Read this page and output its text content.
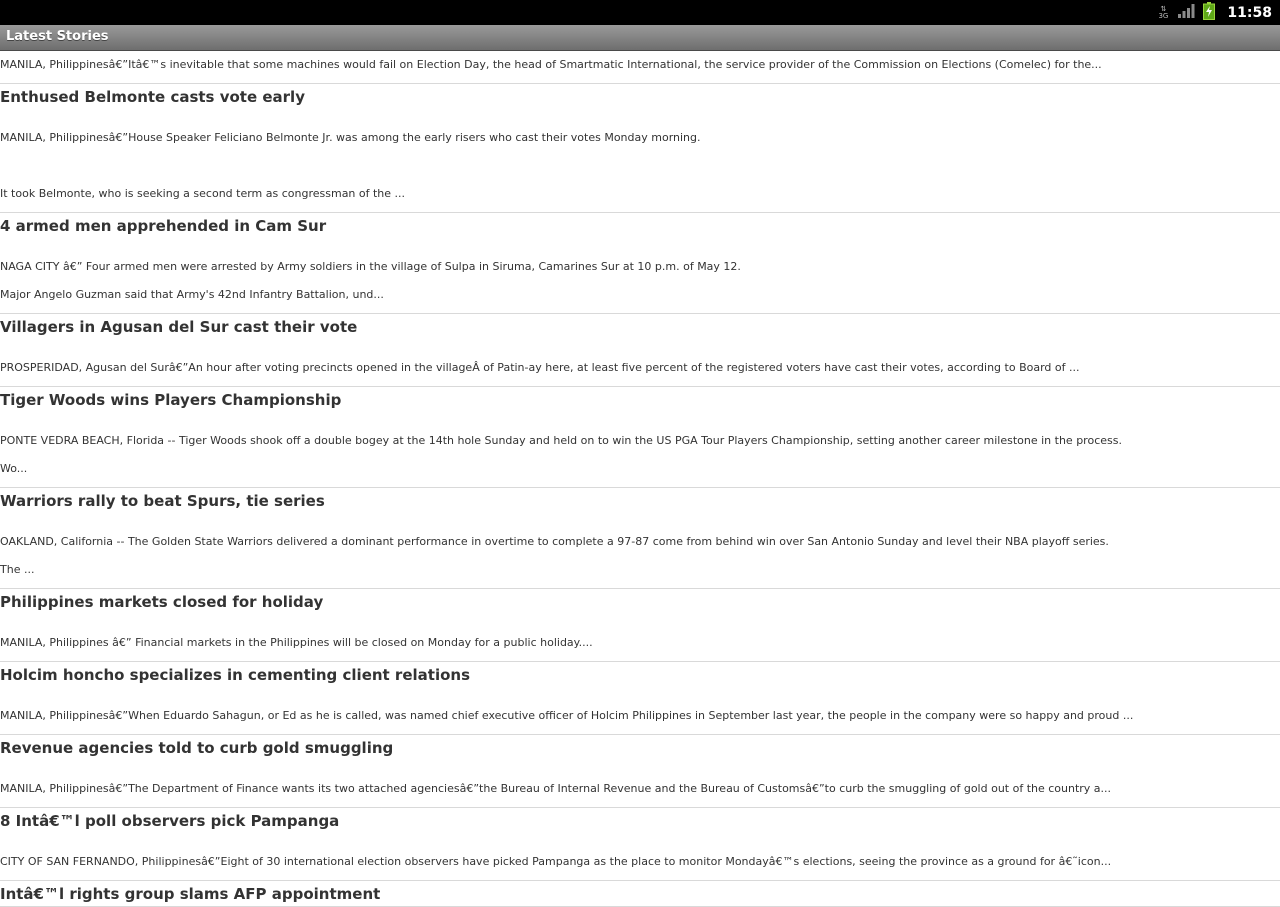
⇅
3G	11:58
Latest Stories
MANILA, Philippinesâ€”Itâ€™s inevitable that some machines would fail on Election Day, the head of Smartmatic International, the service provider of the Commission on Elections (Comelec) for the...
Enthused Belmonte casts vote early
MANILA, Philippinesâ€”House Speaker Feliciano Belmonte Jr. was among the early risers who cast their votes Monday morning.

It took Belmonte, who is seeking a second term as congressman of the ...
4 armed men apprehended in Cam Sur
NAGA CITY â€” Four armed men were arrested by Army soldiers in the village of Sulpa in Siruma, Camarines Sur at 10 p.m. of May 12.
Major Angelo Guzman said that Army's 42nd Infantry Battalion, und...
Villagers in Agusan del Sur cast their vote
PROSPERIDAD, Agusan del Surâ€”An hour after voting precincts opened in the villageÂ of Patin-ay here, at least five percent of the registered voters have cast their votes, according to Board of ...
Tiger Woods wins Players Championship
PONTE VEDRA BEACH, Florida -- Tiger Woods shook off a double bogey at the 14th hole Sunday and held on to win the US PGA Tour Players Championship, setting another career milestone in the process.
Wo...
Warriors rally to beat Spurs, tie series
OAKLAND, California -- The Golden State Warriors delivered a dominant performance in overtime to complete a 97-87 come from behind win over San Antonio Sunday and level their NBA playoff series.
The ...
Philippines markets closed for holiday
MANILA, Philippines â€” Financial markets in the Philippines will be closed on Monday for a public holiday....
Holcim honcho specializes in cementing client relations
MANILA, Philippinesâ€”When Eduardo Sahagun, or Ed as he is called, was named chief executive officer of Holcim Philippines in September last year, the people in the company were so happy and proud ...
Revenue agencies told to curb gold smuggling
MANILA, Philippinesâ€”The Department of Finance wants its two attached agenciesâ€”the Bureau of Internal Revenue and the Bureau of Customsâ€”to curb the smuggling of gold out of the country a...
8 Intâ€™l poll observers pick Pampanga
CITY OF SAN FERNANDO, Philippinesâ€”Eight of 30 international election observers have picked Pampanga as the place to monitor Mondayâ€™s elections, seeing the province as a ground for â€˜icon...
Intâ€™l rights group slams AFP appointment
